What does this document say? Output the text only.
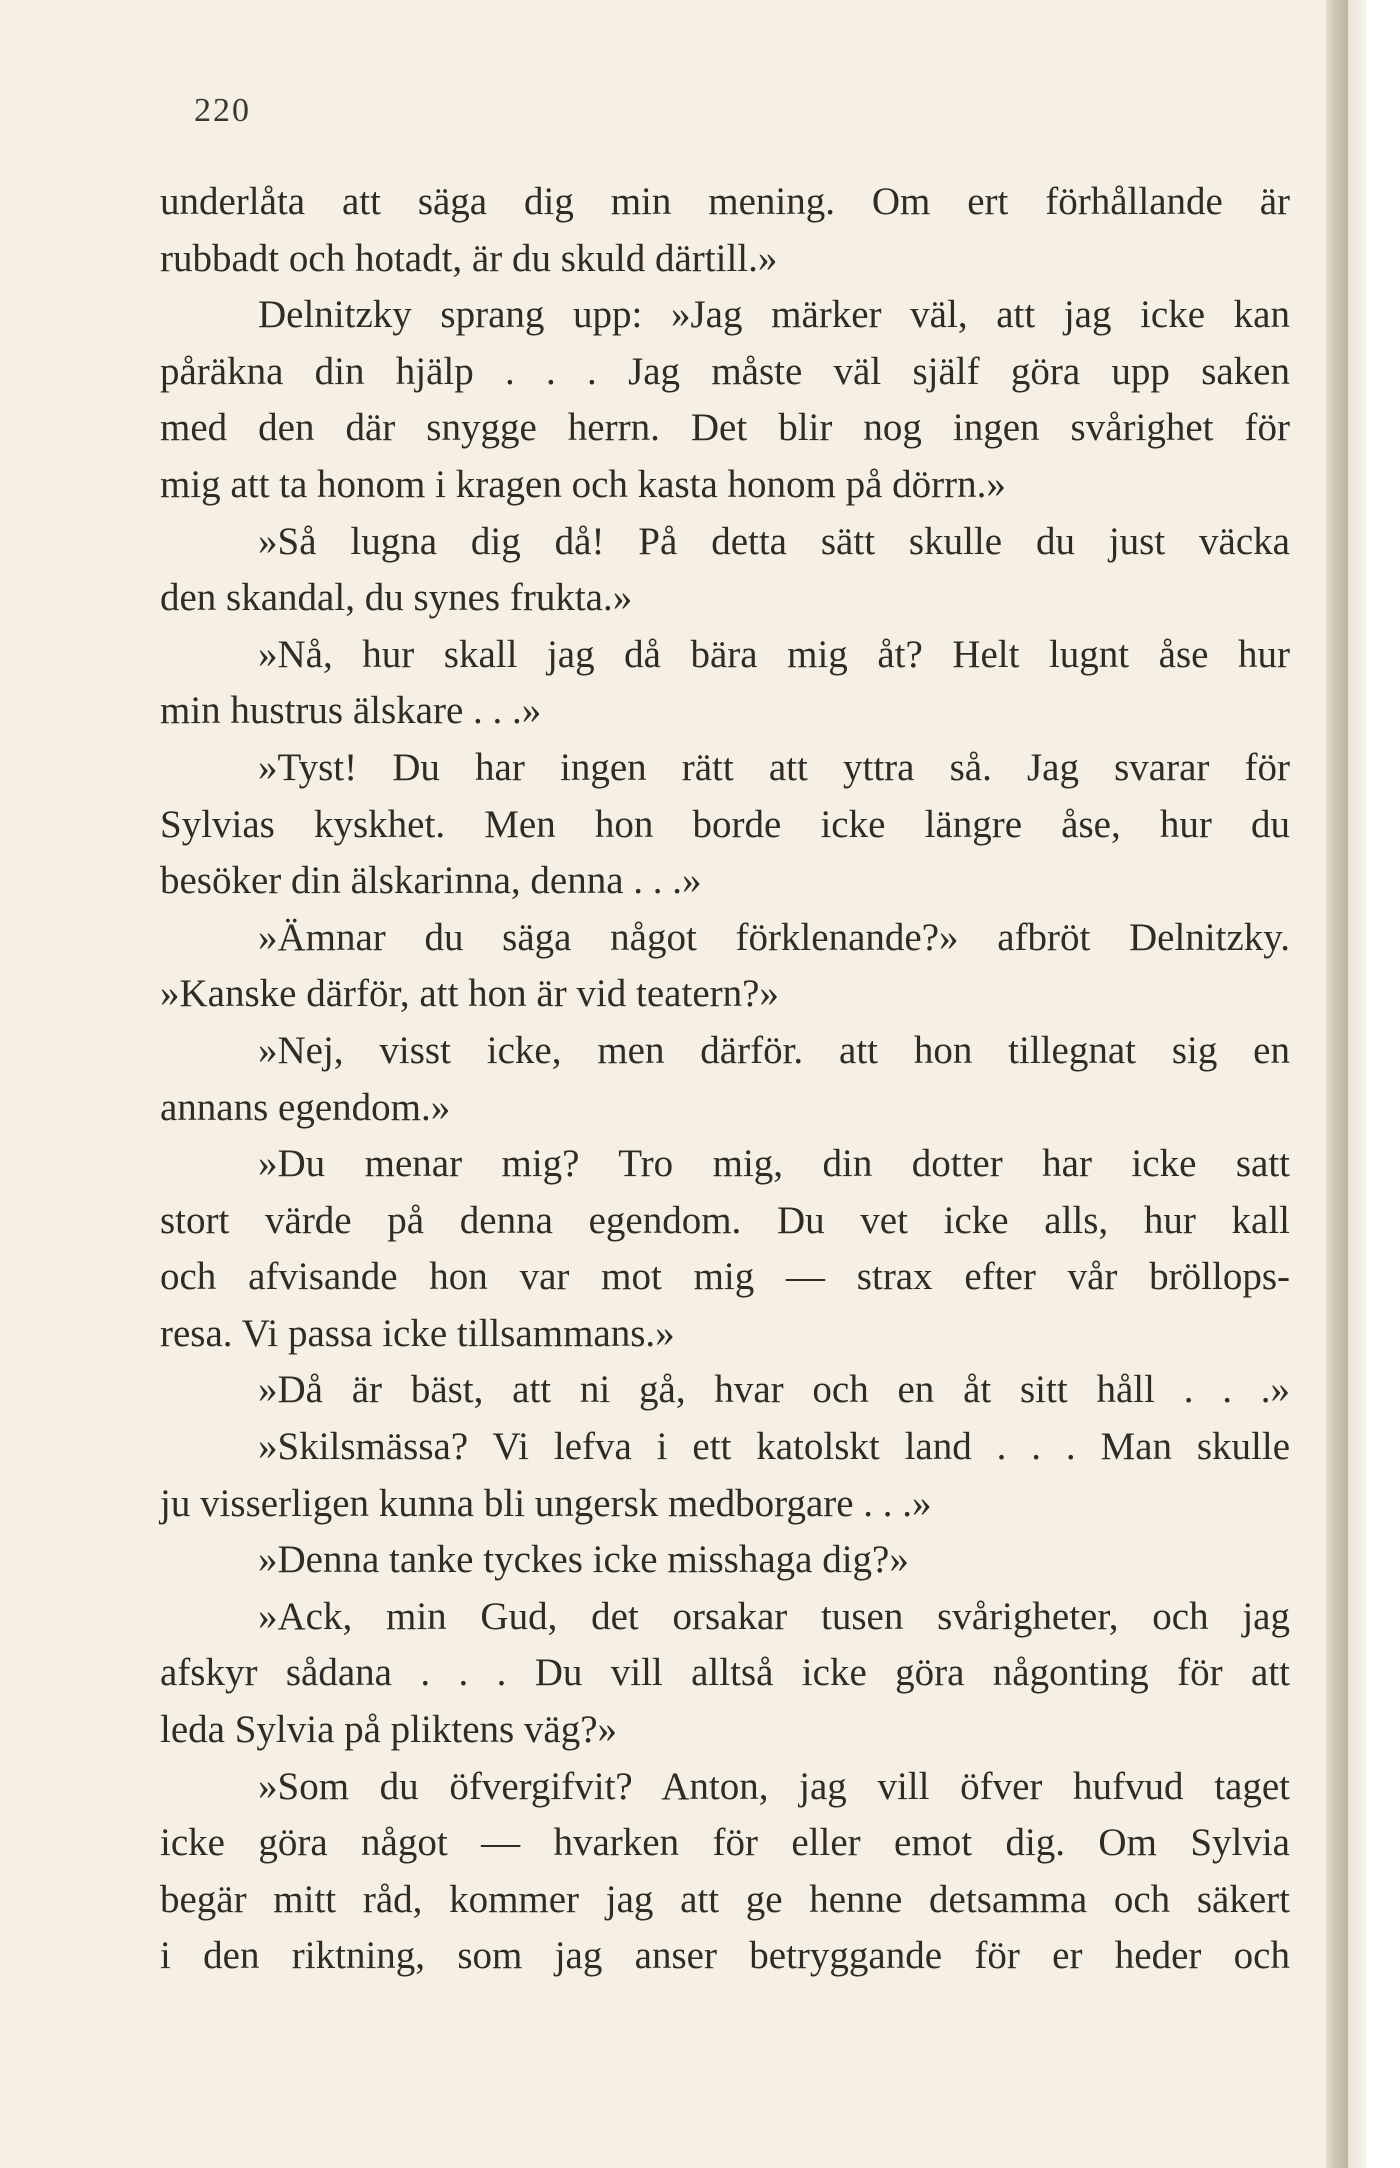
220
underlåta att säga dig min mening. Om ert förhållande är
rubbadt och hotadt, är du skuld därtill.»
Delnitzky sprang upp: »Jag märker väl, att jag icke kan
påräkna din hjälp . . . Jag måste väl själf göra upp saken
med den där snygge herrn. Det blir nog ingen svårighet för
mig att ta honom i kragen och kasta honom på dörrn.»
»Så lugna dig då! På detta sätt skulle du just väcka
den skandal, du synes frukta.»
»Nå, hur skall jag då bära mig åt? Helt lugnt åse hur
min hustrus älskare . . .»
»Tyst! Du har ingen rätt att yttra så. Jag svarar för
Sylvias kyskhet. Men hon borde icke längre åse, hur du
besöker din älskarinna, denna . . .»
»Ämnar du säga något förklenande?» afbröt Delnitzky.
»Kanske därför, att hon är vid teatern?»
»Nej, visst icke, men därför. att hon tillegnat sig en
annans egendom.»
»Du menar mig? Tro mig, din dotter har icke satt
stort värde på denna egendom. Du vet icke alls, hur kall
och afvisande hon var mot mig — strax efter vår bröllops-
resa. Vi passa icke tillsammans.»
»Då är bäst, att ni gå, hvar och en åt sitt håll . . .»
»Skilsmässa? Vi lefva i ett katolskt land . . . Man skulle
ju visserligen kunna bli ungersk medborgare . . .»
»Denna tanke tyckes icke misshaga dig?»
»Ack, min Gud, det orsakar tusen svårigheter, och jag
afskyr sådana . . . Du vill alltså icke göra någonting för att
leda Sylvia på pliktens väg?»
»Som du öfvergifvit? Anton, jag vill öfver hufvud taget
icke göra något — hvarken för eller emot dig. Om Sylvia
begär mitt råd, kommer jag att ge henne detsamma och säkert
i den riktning, som jag anser betryggande för er heder och
